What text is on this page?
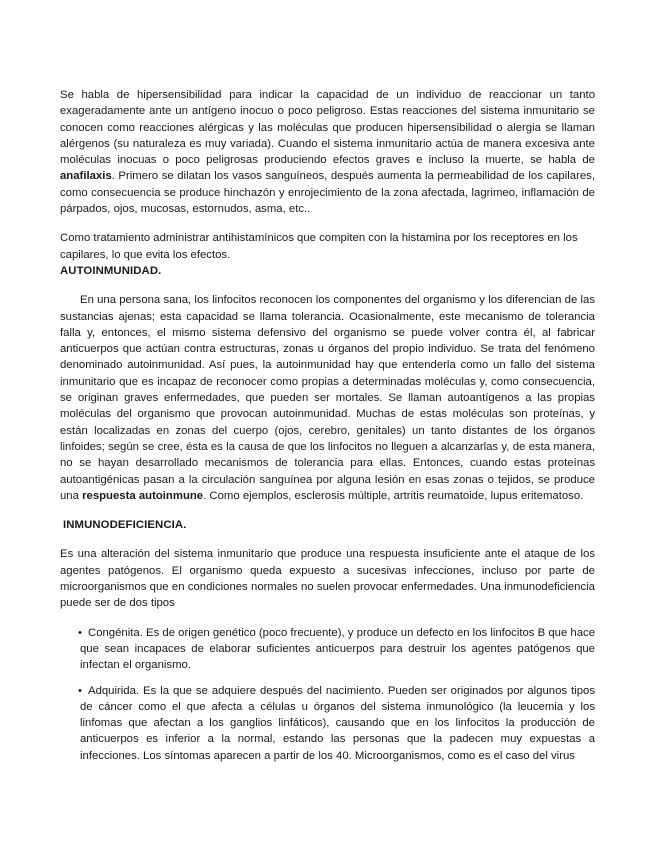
Se habla de hipersensibilidad para indicar la capacidad de un individuo de reaccionar un tanto exageradamente ante un antígeno inocuo o poco peligroso. Estas reacciones del sistema inmunitario se conocen como reacciones alérgicas y las moléculas que producen hipersensibilidad o alergia se llaman alérgenos (su naturaleza es muy variada). Cuando el sistema inmunitario actúa de manera excesiva ante moléculas inocuas o poco peligrosas produciendo efectos graves e incluso la muerte, se habla de anafilaxis. Primero se dilatan los vasos sanguíneos, después aumenta la permeabilidad de los capilares, como consecuencia se produce hinchazón y enrojecimiento de la zona afectada, lagrimeo, inflamación de párpados, ojos, mucosas, estornudos, asma, etc..

Como tratamiento administrar antihistamínicos que compiten con la histamina por los receptores en los capilares, lo que evita los efectos.

AUTOINMUNIDAD.

En una persona sana, los linfocitos reconocen los componentes del organismo y los diferencian de las sustancias ajenas; esta capacidad se llama tolerancia. Ocasionalmente, este mecanismo de tolerancia falla y, entonces, el mismo sistema defensivo del organismo se puede volver contra él, al fabricar anticuerpos que actúan contra estructuras, zonas u órganos del propio individuo. Se trata del fenómeno denominado autoinmunidad. Así pues, la autoinmunidad hay que entenderla como un fallo del sistema inmunitario que es incapaz de reconocer como propias a determinadas moléculas y, como consecuencia, se originan graves enfermedades, que pueden ser mortales. Se llaman autoantígenos a las propias moléculas del organismo que provocan autoinmunidad. Muchas de estas moléculas son proteínas, y están localizadas en zonas del cuerpo (ojos, cerebro, genitales) un tanto distantes de los órganos linfoides; según se cree, ésta es la causa de que los linfocitos no lleguen a alcanzarlas y, de esta manera, no se hayan desarrollado mecanismos de tolerancia para ellas. Entonces, cuando estas proteínas autoantigénicas pasan a la circulación sanguínea por alguna lesión en esas zonas o tejidos, se produce una respuesta autoinmune. Como ejemplos, esclerosis múltiple, artritis reumatoide, lupus eritematoso.

INMUNODEFICIENCIA.

Es una alteración del sistema inmunitario que produce una respuesta insuficiente ante el ataque de los agentes patógenos. El organismo queda expuesto a sucesivas infecciones, incluso por parte de microorganismos que en condiciones normales no suelen provocar enfermedades. Una inmunodeficiencia puede ser de dos tipos

• Congénita. Es de origen genético (poco frecuente), y produce un defecto en los linfocitos B que hace que sean incapaces de elaborar suficientes anticuerpos para destruir los agentes patógenos que infectan el organismo.

• Adquirida. Es la que se adquiere después del nacimiento. Pueden ser originados por algunos tipos de cáncer como el que afecta a células u órganos del sistema inmunológico (la leucemia y los linfomas que afectan a los ganglios linfáticos), causando que en los linfocitos la producción de anticuerpos es inferior a la normal, estando las personas que la padecen muy expuestas a infecciones. Los síntomas aparecen a partir de los 40. Microorganismos, como es el caso del virus
